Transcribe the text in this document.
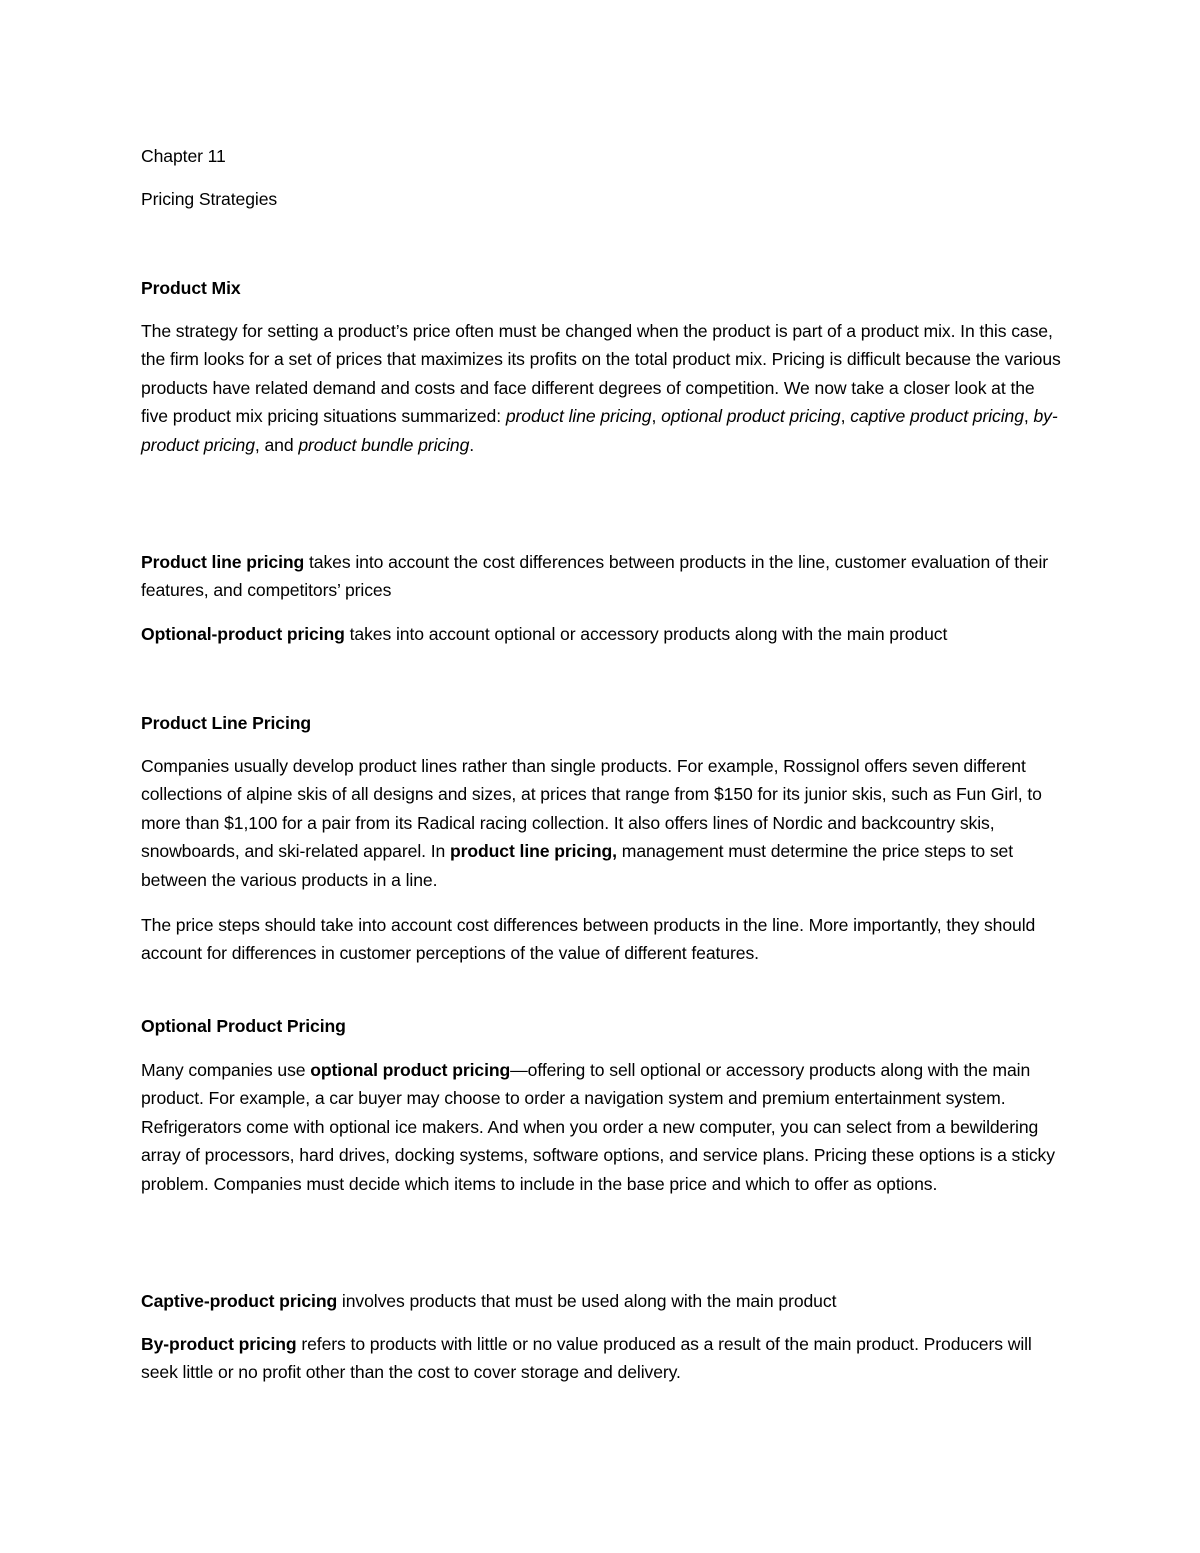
Chapter 11

Pricing Strategies

Product Mix

The strategy for setting a product’s price often must be changed when the product is part of a product mix. In this case, the firm looks for a set of prices that maximizes its profits on the total product mix. Pricing is difficult because the various products have related demand and costs and face different degrees of competition. We now take a closer look at the five product mix pricing situations summarized: product line pricing, optional product pricing, captive product pricing, by-product pricing, and product bundle pricing.

Product line pricing takes into account the cost differences between products in the line, customer evaluation of their features, and competitors’ prices

Optional-product pricing takes into account optional or accessory products along with the main product

Product Line Pricing

Companies usually develop product lines rather than single products. For example, Rossignol offers seven different collections of alpine skis of all designs and sizes, at prices that range from $150 for its junior skis, such as Fun Girl, to more than $1,100 for a pair from its Radical racing collection. It also offers lines of Nordic and backcountry skis, snowboards, and ski-related apparel. In product line pricing, management must determine the price steps to set between the various products in a line.

The price steps should take into account cost differences between products in the line. More importantly, they should account for differences in customer perceptions of the value of different features.

Optional Product Pricing

Many companies use optional product pricing—offering to sell optional or accessory products along with the main product. For example, a car buyer may choose to order a navigation system and premium entertainment system. Refrigerators come with optional ice makers. And when you order a new computer, you can select from a bewildering array of processors, hard drives, docking systems, software options, and service plans. Pricing these options is a sticky problem. Companies must decide which items to include in the base price and which to offer as options.

Captive-product pricing involves products that must be used along with the main product

By-product pricing refers to products with little or no value produced as a result of the main product. Producers will seek little or no profit other than the cost to cover storage and delivery.
